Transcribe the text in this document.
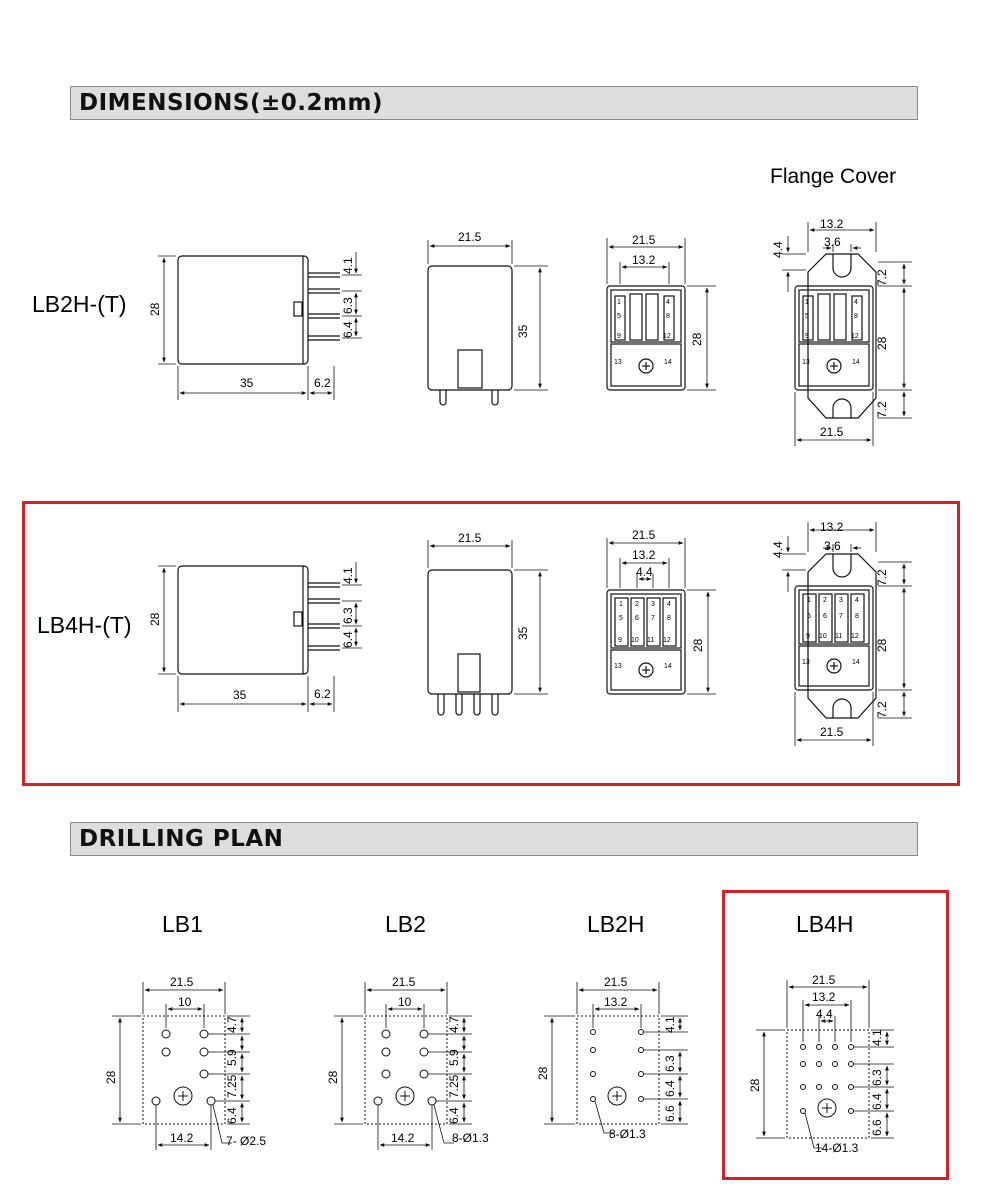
DIMENSIONS(±0.2mm)
DRILLING PLAN
Flange Cover
LB2H-(T) 28
35	6.2
4.1
6.3
6.4
21.5
35
21.5
13.2
28
1	4
5	8
9	12
13	14
13.2
3.6
4.4
7.2
28
7.2
21.5
1	4
5	8
9	12
13	14
LB4H-(T) 28
35	6.2
4.1
6.3
6.4
21.5
35
21.5
13.2
4.4
28
1 2 3 4
5 6 7 8
9 10 11 12
13	14
13.2
3.6
4.4
7.2
28
7.2
21.5
1 2 3 4
5 6 7 8
9 10 11 12
13	14
LB1
21.5
10
28
4.7
5.9
7.25
6.4
14.2	7- Ø2.5
LB2
21.5
10
28
4.7
5.9
7.25
6.4
14.2	8-Ø1.3
LB2H
21.5
13.2
28
4.1
6.3
6.4
6.6
8-Ø1.3
LB4H
21.5
13.2
4.4
28
4.1
6.3
6.4
6.6
14-Ø1.3
